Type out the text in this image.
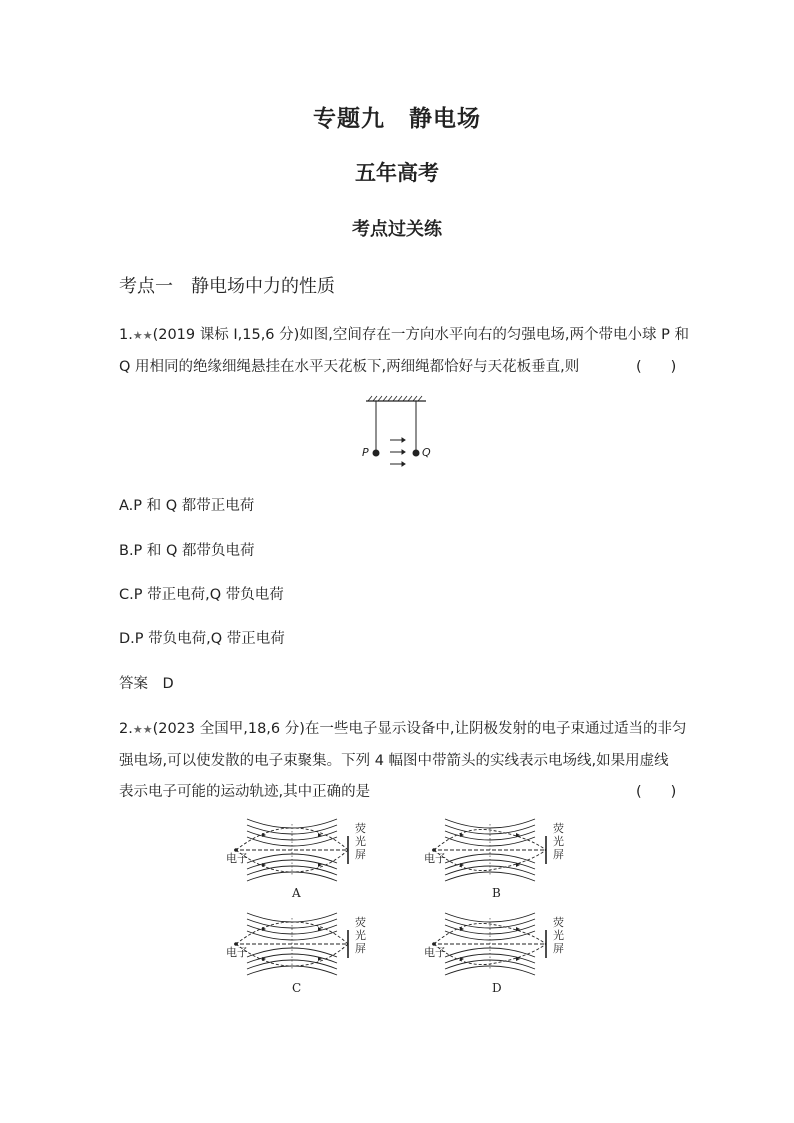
专题九　静电场
五年高考
考点过关练
考点一　静电场中力的性质
1.★★(2019 课标 Ⅰ,15,6 分)如图,空间存在一方向水平向右的匀强电场,两个带电小球 P 和
Q 用相同的绝缘细绳悬挂在水平天花板下,两细绳都恰好与天花板垂直,则	(　　)
P	Q
A.P 和 Q 都带正电荷
B.P 和 Q 都带负电荷
C.P 带正电荷,Q 带负电荷
D.P 带负电荷,Q 带正电荷
答案　D
2.★★(2023 全国甲,18,6 分)在一些电子显示设备中,让阴极发射的电子束通过适当的非匀
强电场,可以使发散的电子束聚集。下列 4 幅图中带箭头的实线表示电场线,如果用虚线
表示电子可能的运动轨迹,其中正确的是	(　　)
电子
荧
光
屏	电子
荧
光
屏
电子
荧
光
屏	电子
荧
光
屏
A	B
C	D
